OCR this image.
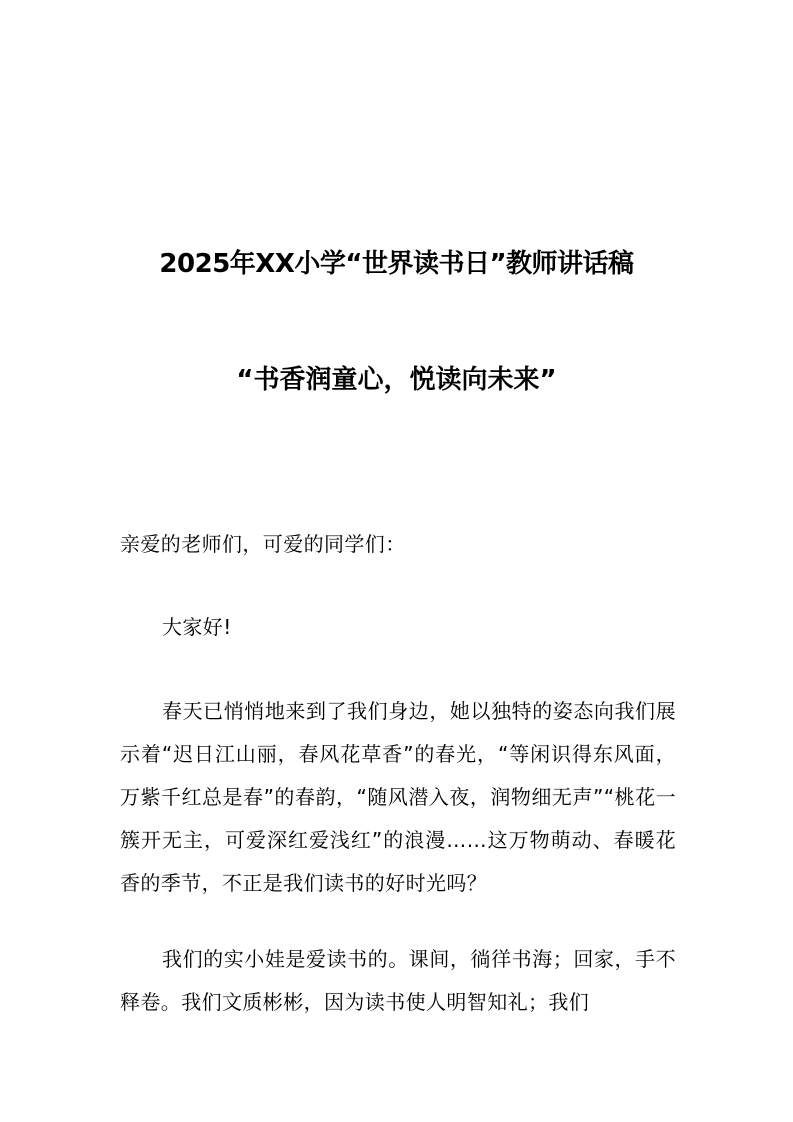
2025年XX小学“世界读书日”教师讲话稿
“书香润童心，悦读向未来”

亲爱的老师们，可爱的同学们：

大家好!

春天已悄悄地来到了我们身边，她以独特的姿态向我们展示着“迟日江山丽，春风花草香”的春光，“等闲识得东风面，万紫千红总是春”的春韵，“随风潜入夜，润物细无声”“桃花一簇开无主，可爱深红爱浅红”的浪漫……这万物萌动、春暖花香的季节，不正是我们读书的好时光吗？

我们的实小娃是爱读书的。课间，徜徉书海；回家，手不释卷。我们文质彬彬，因为读书使人明智知礼；我们
